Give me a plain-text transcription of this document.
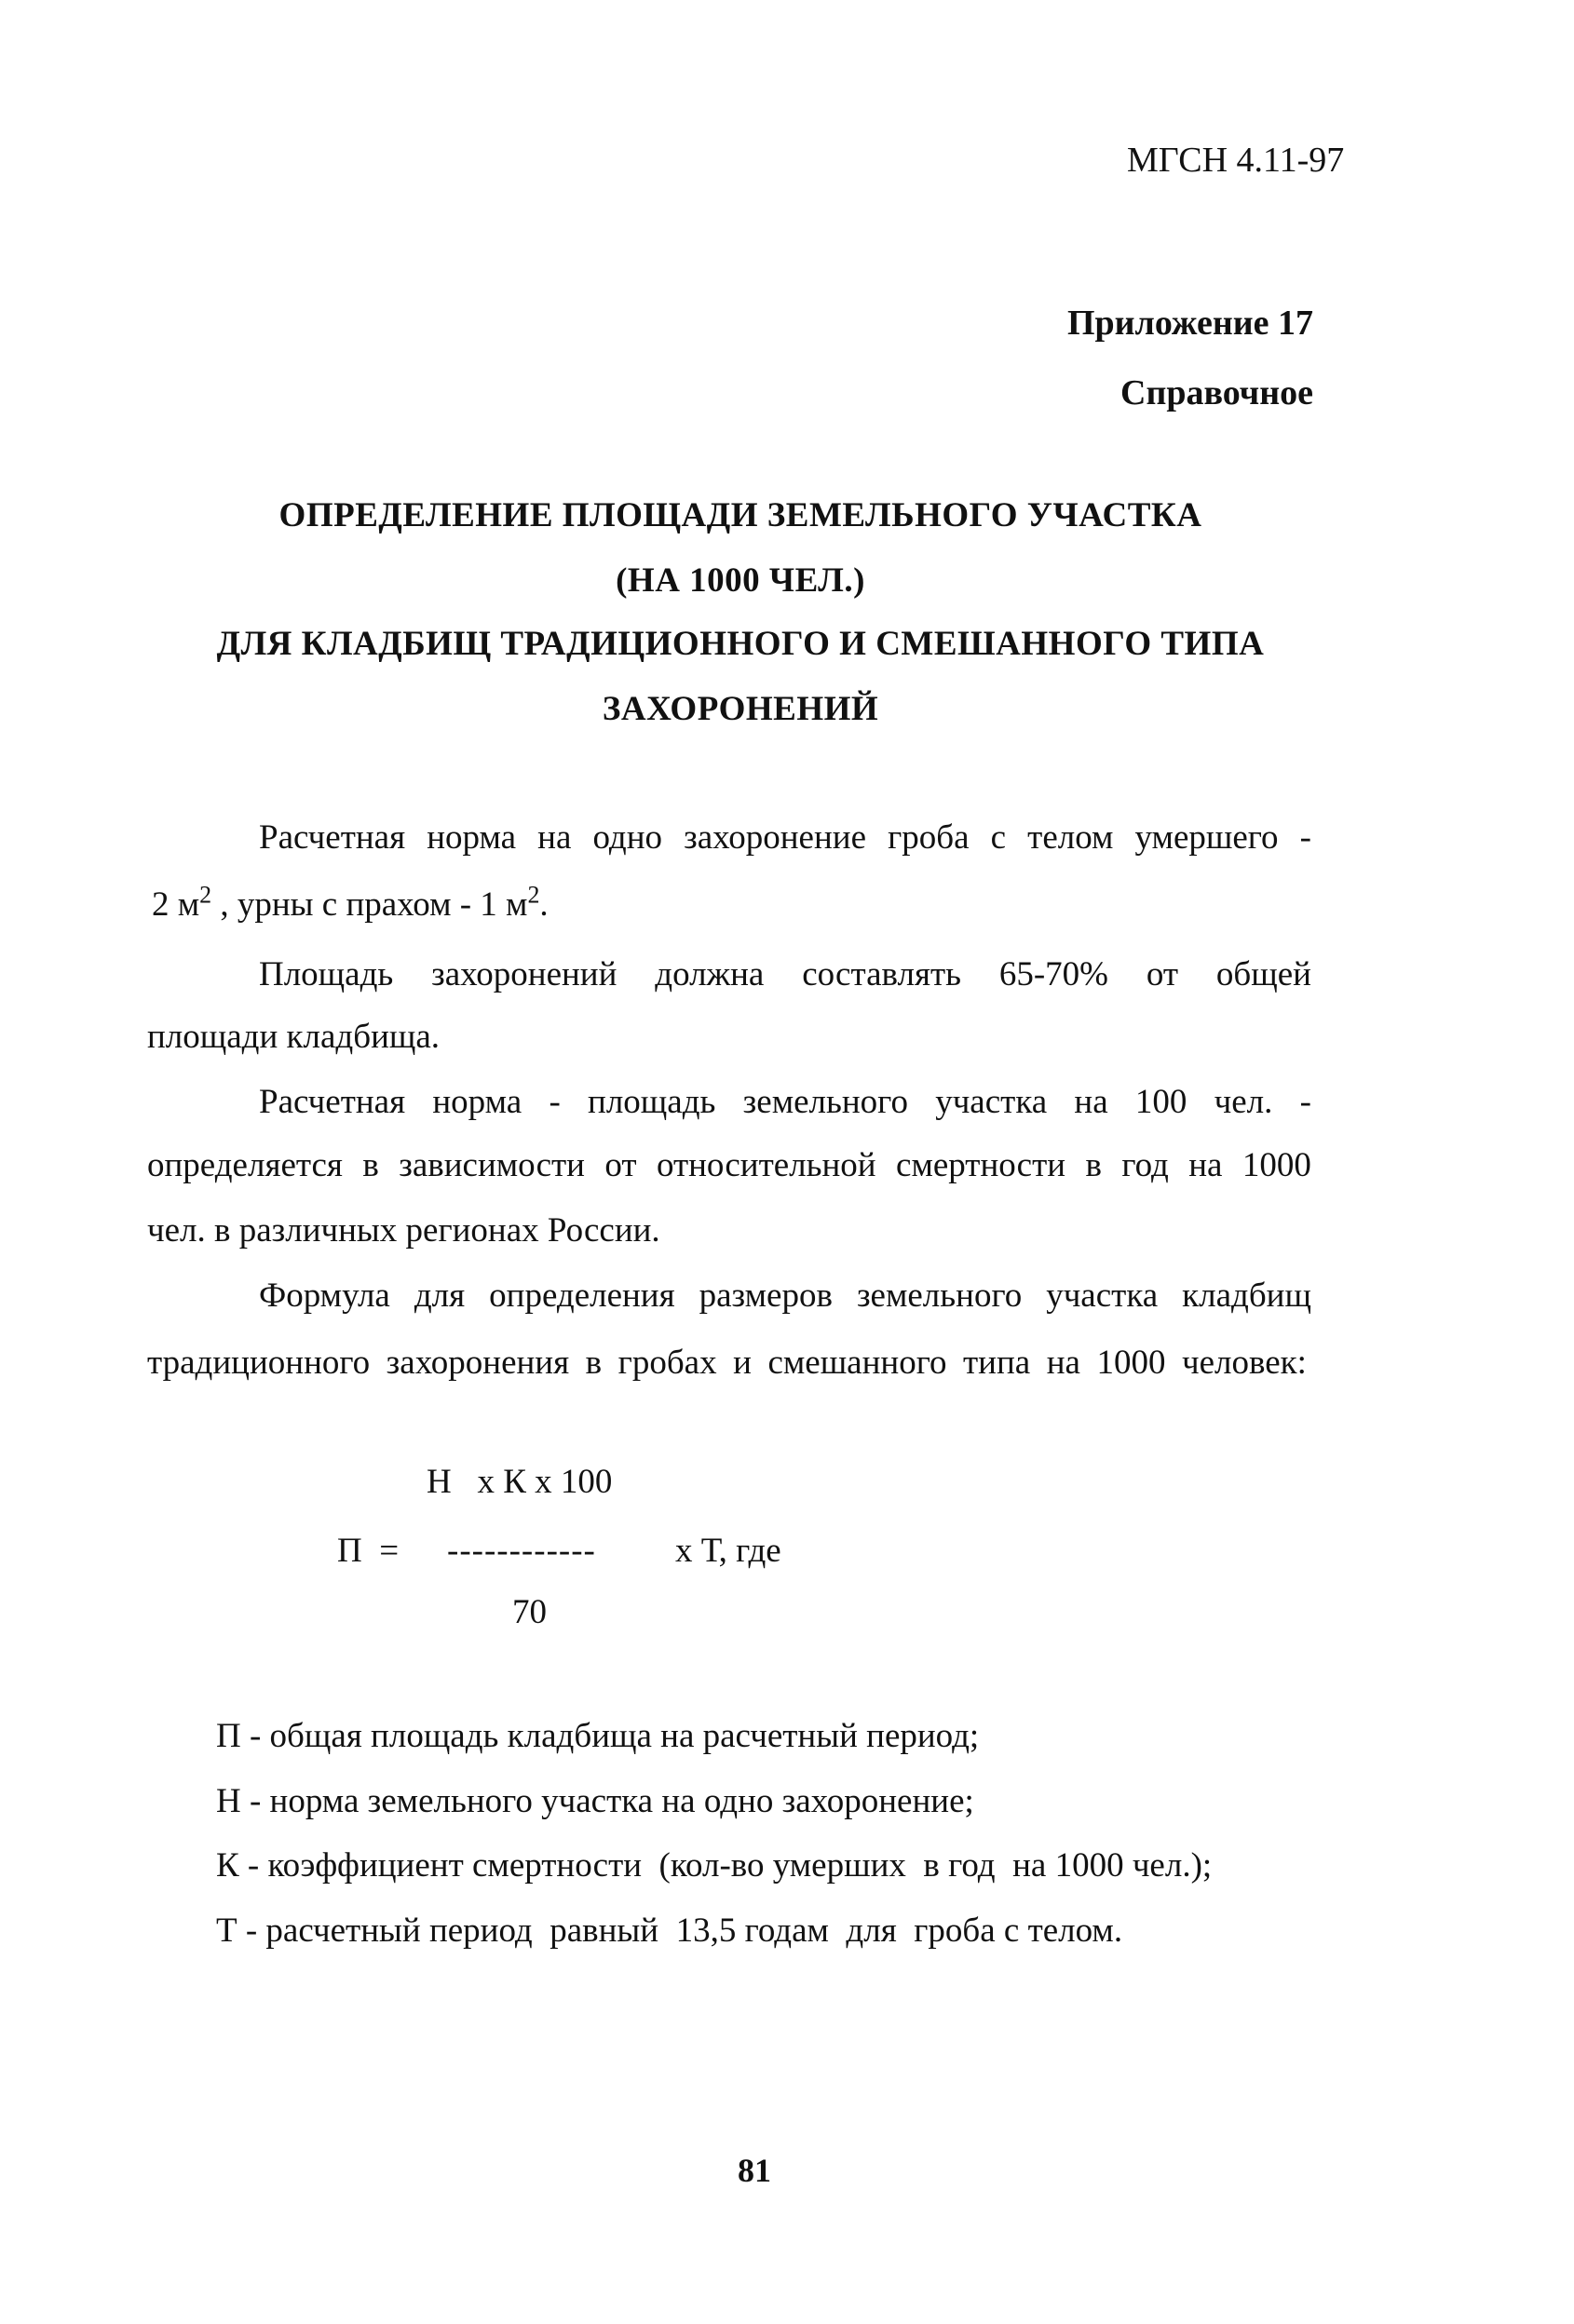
МГСН 4.11-97
Приложение 17
Справочное
ОПРЕДЕЛЕНИЕ ПЛОЩАДИ ЗЕМЕЛЬНОГО УЧАСТКА
(НА 1000 ЧЕЛ.)
ДЛЯ КЛАДБИЩ ТРАДИЦИОННОГО И СМЕШАННОГО ТИПА
ЗАХОРОНЕНИЙ
Расчетная норма на одно захоронение гроба с телом умершего -
2 $м^2$ , урны с прахом - 1 $м^2$.
Площадь захоронений должна составлять 65-70% от общей
площади кладбища.
Расчетная норма - площадь земельного участка на 100 чел. -
определяется в зависимости от относительной смертности в год на 1000
чел. в различных регионах России.
Формула для определения размеров земельного участка кладбищ
традиционного захоронения в гробах и смешанного типа на 1000 человек:
Н   х К х 100
П  = ------------ х Т, где
70
П - общая площадь кладбища на расчетный период;
Н - норма земельного участка на одно захоронение;
К - коэффициент смертности  (кол-во умерших  в год  на 1000 чел.);
Т - расчетный период  равный  13,5 годам  для  гроба с телом.
81
